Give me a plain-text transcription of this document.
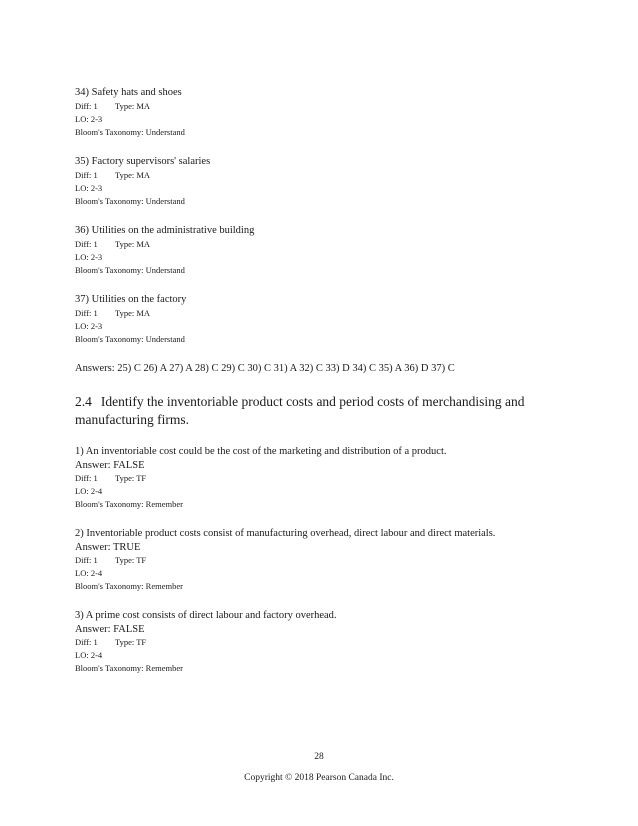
34) Safety hats and shoes
Diff: 1 Type: MA
LO: 2-3
Bloom's Taxonomy: Understand
35) Factory supervisors' salaries
Diff: 1 Type: MA
LO: 2-3
Bloom's Taxonomy: Understand
36) Utilities on the administrative building
Diff: 1 Type: MA
LO: 2-3
Bloom's Taxonomy: Understand
37) Utilities on the factory
Diff: 1 Type: MA
LO: 2-3
Bloom's Taxonomy: Understand
Answers: 25) C 26) A 27) A 28) C 29) C 30) C 31) A 32) C 33) D 34) C 35) A 36) D 37) C
2.4 Identify the inventoriable product costs and period costs of merchandising and manufacturing firms.
1) An inventoriable cost could be the cost of the marketing and distribution of a product.
Answer: FALSE
Diff: 1 Type: TF
LO: 2-4
Bloom's Taxonomy: Remember
2) Inventoriable product costs consist of manufacturing overhead, direct labour and direct materials.
Answer: TRUE
Diff: 1 Type: TF
LO: 2-4
Bloom's Taxonomy: Remember
3) A prime cost consists of direct labour and factory overhead.
Answer: FALSE
Diff: 1 Type: TF
LO: 2-4
Bloom's Taxonomy: Remember
28
Copyright © 2018 Pearson Canada Inc.
